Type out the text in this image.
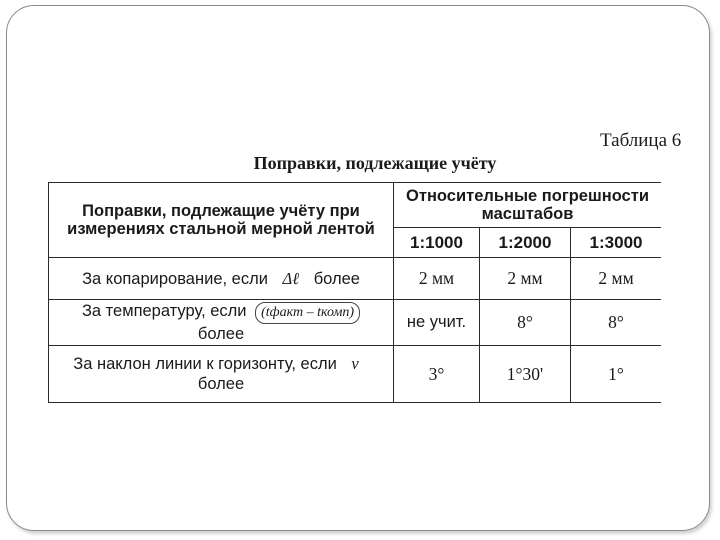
Таблица 6
Поправки, подлежащие учёту
Поправки, подлежащие учёту при измерениях стальной мерной лентой	Относительные погрешности масштабов		
	1:1000	1:2000	1:3000
За копарирование, если Δℓ более	2 мм	2 мм	2 мм
За температуру, если (tфакт – tкомп)
более	не учит.	8°	8°
За наклон линии к горизонту, если ν более	3°	1°30'	1°
